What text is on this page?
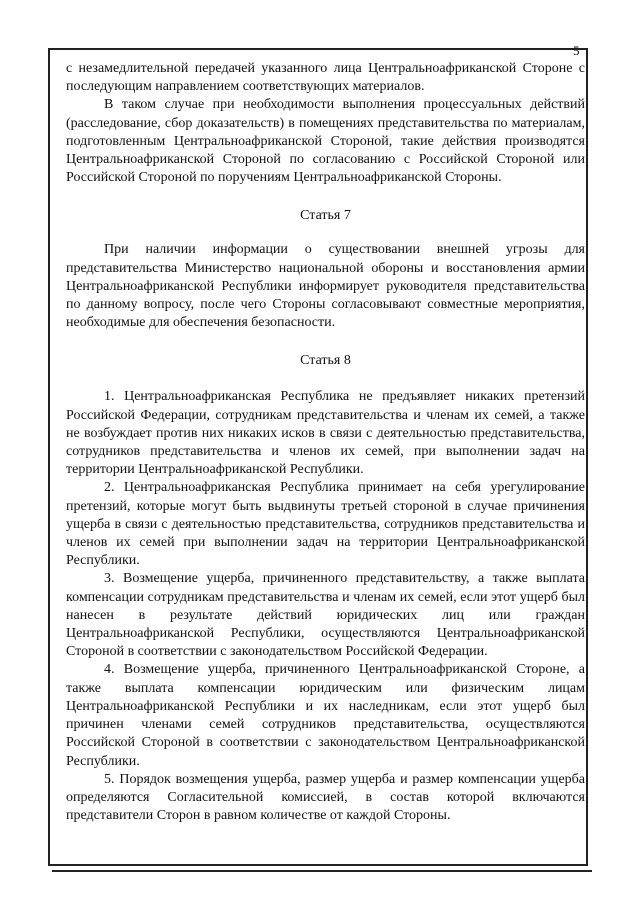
5

с незамедлительной передачей указанного лица Центральноафриканской Стороне с последующим направлением соответствующих материалов.

В таком случае при необходимости выполнения процессуальных действий (расследование, сбор доказательств) в помещениях представительства по материалам, подготовленным Центральноафриканской Стороной, такие действия производятся Центральноафриканской Стороной по согласованию с Российской Стороной или Российской Стороной по поручениям Центральноафриканской Стороны.

Статья 7

При наличии информации о существовании внешней угрозы для представительства Министерство национальной обороны и восстановления армии Центральноафриканской Республики информирует руководителя представительства по данному вопросу, после чего Стороны согласовывают совместные мероприятия, необходимые для обеспечения безопасности.

Статья 8

1. Центральноафриканская Республика не предъявляет никаких претензий Российской Федерации, сотрудникам представительства и членам их семей, а также не возбуждает против них никаких исков в связи с деятельностью представительства, сотрудников представительства и членов их семей, при выполнении задач на территории Центральноафриканской Республики.

2. Центральноафриканская Республика принимает на себя урегулирование претензий, которые могут быть выдвинуты третьей стороной в случае причинения ущерба в связи с деятельностью представительства, сотрудников представительства и членов их семей при выполнении задач на территории Центральноафриканской Республики.

3. Возмещение ущерба, причиненного представительству, а также выплата компенсации сотрудникам представительства и членам их семей, если этот ущерб был нанесен в результате действий юридических лиц или граждан Центральноафриканской Республики, осуществляются Центральноафриканской Стороной в соответствии с законодательством Российской Федерации.

4. Возмещение ущерба, причиненного Центральноафриканской Стороне, а также выплата компенсации юридическим или физическим лицам Центральноафриканской Республики и их наследникам, если этот ущерб был причинен членами семей сотрудников представительства, осуществляются Российской Стороной в соответствии с законодательством Центральноафриканской Республики.

5. Порядок возмещения ущерба, размер ущерба и размер компенсации ущерба определяются Согласительной комиссией, в состав которой включаются представители Сторон в равном количестве от каждой Стороны.
